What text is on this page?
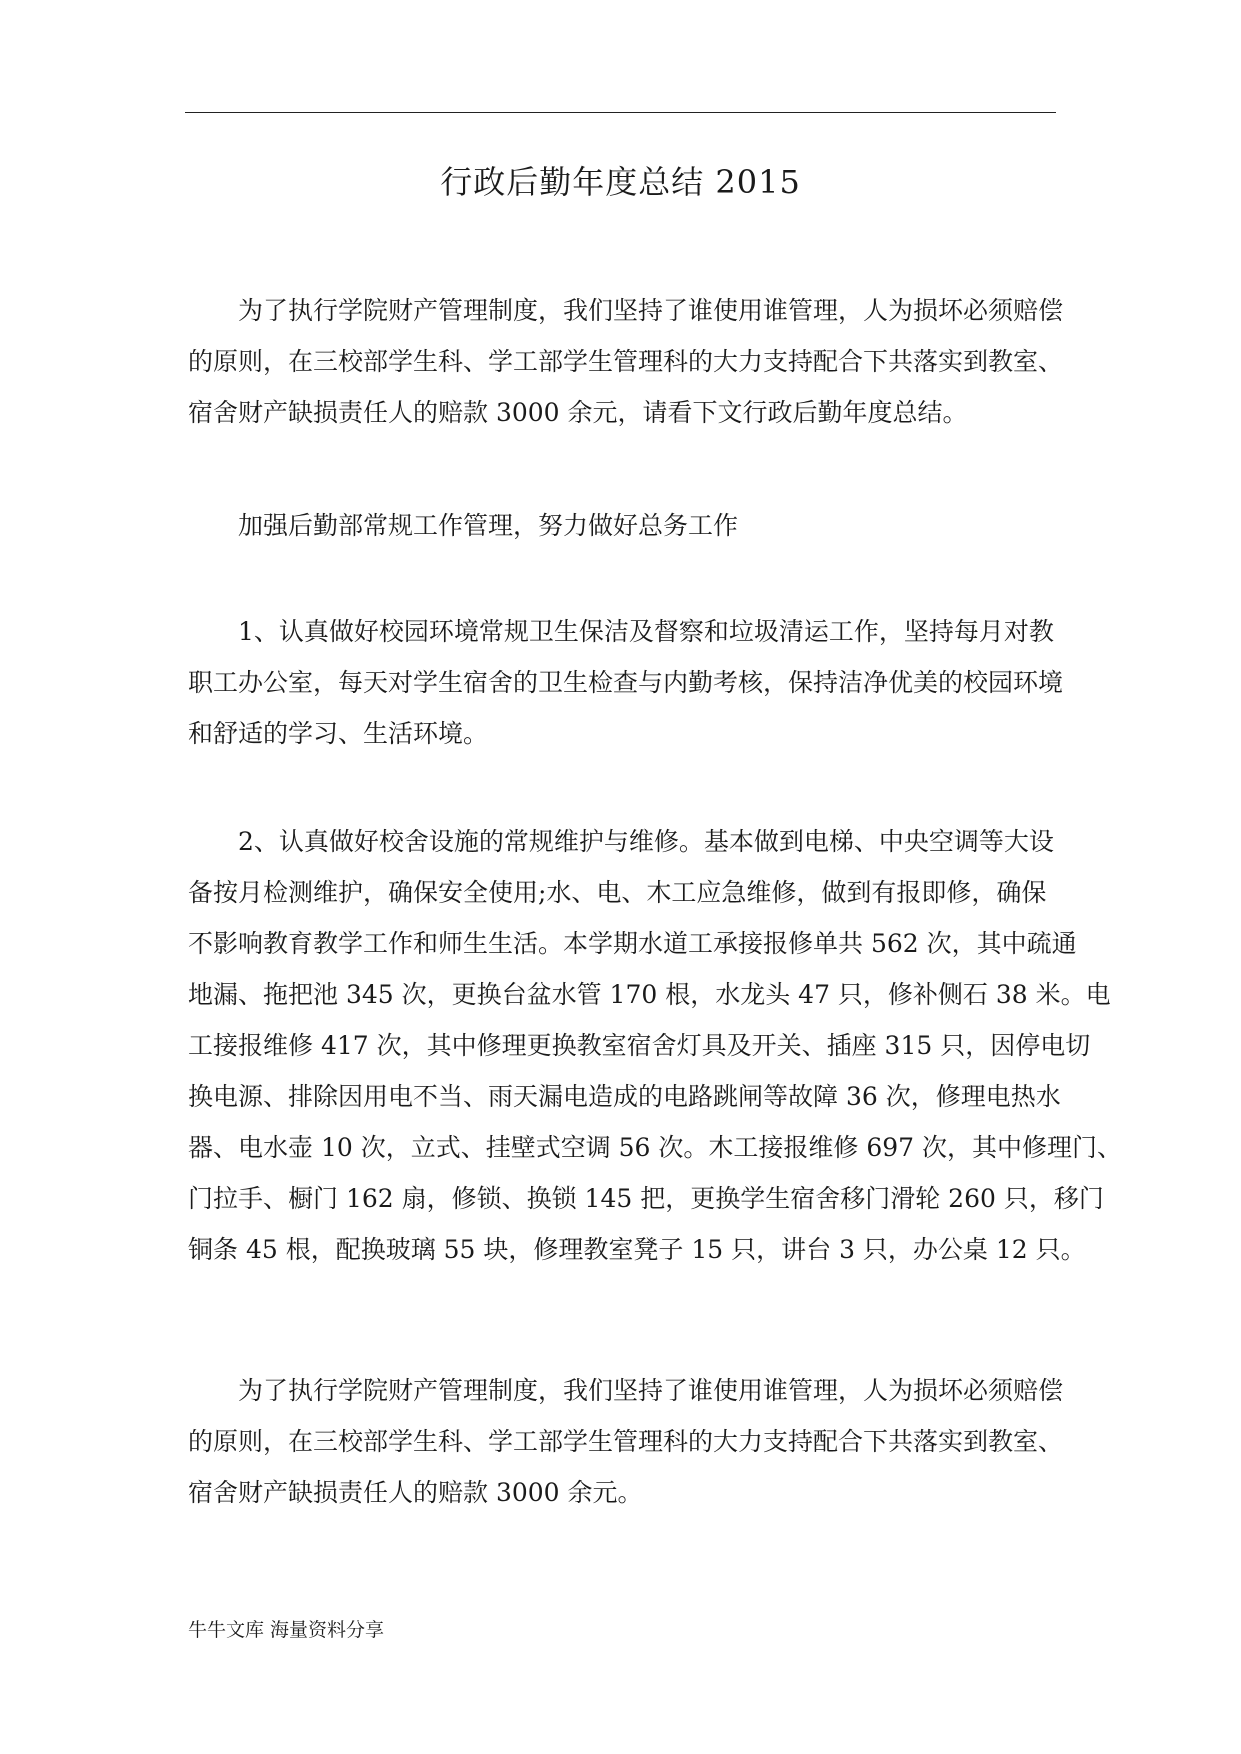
行政后勤年度总结 2015
　　为了执行学院财产管理制度，我们坚持了谁使用谁管理，人为损坏必须赔偿
的原则，在三校部学生科、学工部学生管理科的大力支持配合下共落实到教室、
宿舍财产缺损责任人的赔款 3000 余元，请看下文行政后勤年度总结。
　　加强后勤部常规工作管理，努力做好总务工作
　　1、认真做好校园环境常规卫生保洁及督察和垃圾清运工作，坚持每月对教
职工办公室，每天对学生宿舍的卫生检查与内勤考核，保持洁净优美的校园环境
和舒适的学习、生活环境。
　　2、认真做好校舍设施的常规维护与维修。基本做到电梯、中央空调等大设
备按月检测维护，确保安全使用;水、电、木工应急维修，做到有报即修，确保
不影响教育教学工作和师生生活。本学期水道工承接报修单共 562 次，其中疏通
地漏、拖把池 345 次，更换台盆水管 170 根，水龙头 47 只，修补侧石 38 米。电
工接报维修 417 次，其中修理更换教室宿舍灯具及开关、插座 315 只，因停电切
换电源、排除因用电不当、雨天漏电造成的电路跳闸等故障 36 次，修理电热水
器、电水壶 10 次，立式、挂壁式空调 56 次。木工接报维修 697 次，其中修理门、
门拉手、橱门 162 扇，修锁、换锁 145 把，更换学生宿舍移门滑轮 260 只，移门
铜条 45 根，配换玻璃 55 块，修理教室凳子 15 只，讲台 3 只，办公桌 12 只。
　　为了执行学院财产管理制度，我们坚持了谁使用谁管理，人为损坏必须赔偿
的原则，在三校部学生科、学工部学生管理科的大力支持配合下共落实到教室、
宿舍财产缺损责任人的赔款 3000 余元。
牛牛文库 海量资料分享
